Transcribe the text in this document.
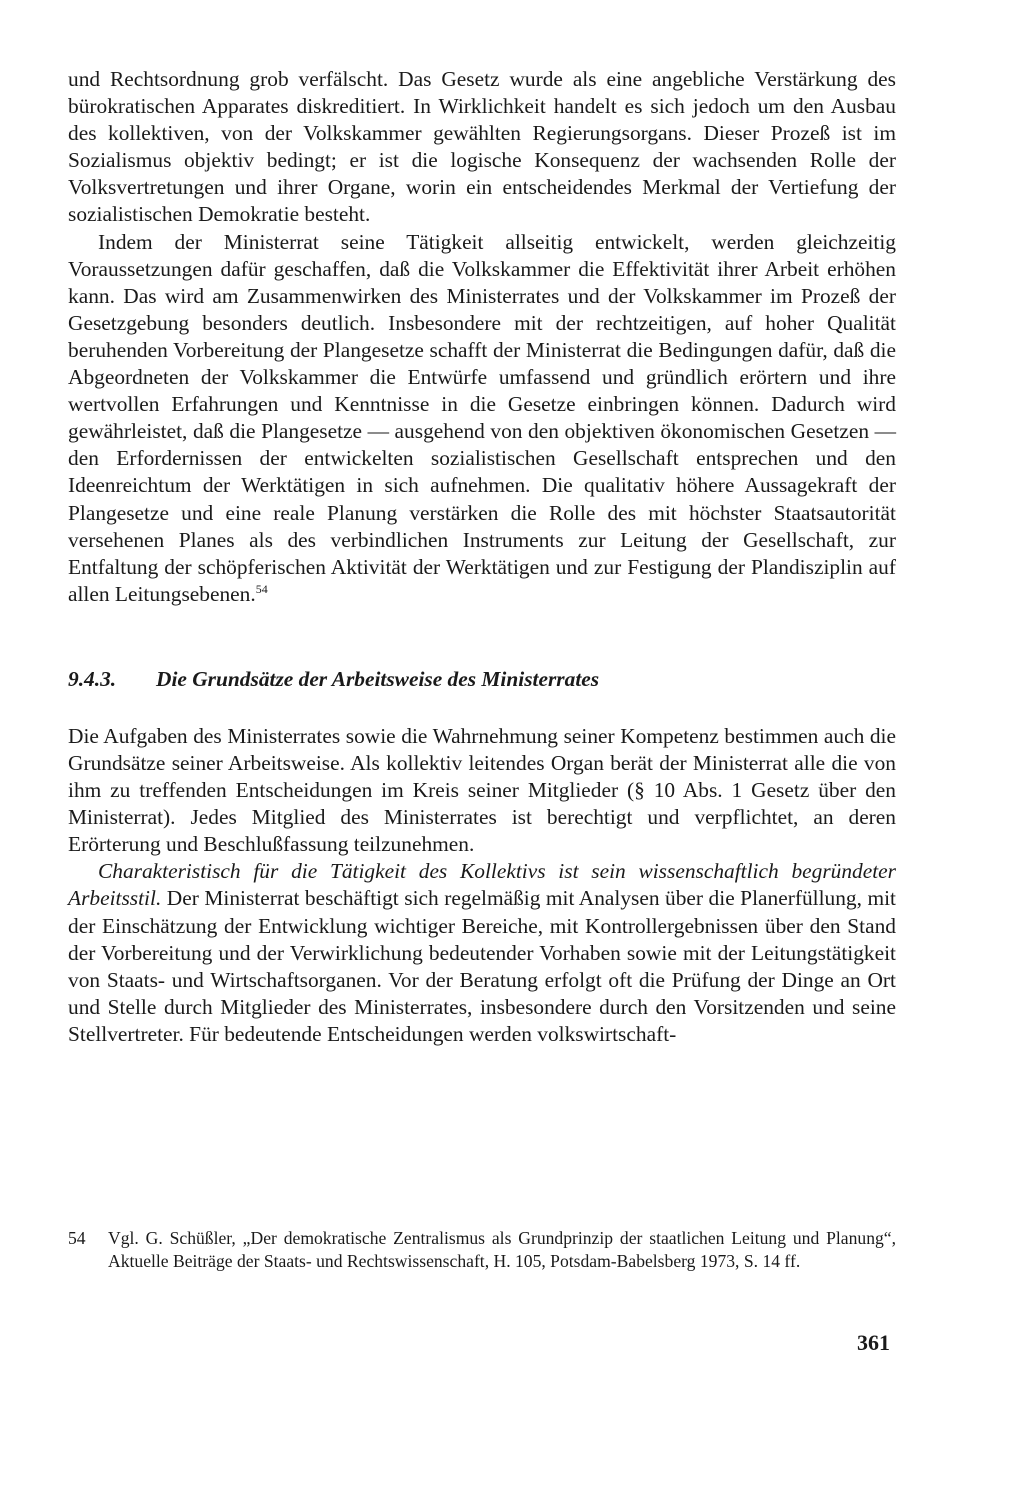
und Rechtsordnung grob verfälscht. Das Gesetz wurde als eine angebliche Verstärkung des bürokratischen Apparates diskreditiert. In Wirklichkeit handelt es sich jedoch um den Ausbau des kollektiven, von der Volkskammer gewählten Regierungsorgans. Dieser Prozeß ist im Sozialismus objektiv bedingt; er ist die logische Konsequenz der wachsenden Rolle der Volksvertretungen und ihrer Organe, worin ein entscheidendes Merkmal der Vertiefung der sozialistischen Demokratie besteht.

Indem der Ministerrat seine Tätigkeit allseitig entwickelt, werden gleichzeitig Voraussetzungen dafür geschaffen, daß die Volkskammer die Effektivität ihrer Arbeit erhöhen kann. Das wird am Zusammenwirken des Ministerrates und der Volkskammer im Prozeß der Gesetzgebung besonders deutlich. Insbesondere mit der rechtzeitigen, auf hoher Qualität beruhenden Vorbereitung der Plangesetze schafft der Ministerrat die Bedingungen dafür, daß die Abgeordneten der Volkskammer die Entwürfe umfassend und gründlich erörtern und ihre wertvollen Erfahrungen und Kenntnisse in die Gesetze einbringen können. Dadurch wird gewährleistet, daß die Plangesetze — ausgehend von den objektiven ökonomischen Gesetzen — den Erfordernissen der entwickelten sozialistischen Gesellschaft entsprechen und den Ideenreichtum der Werktätigen in sich aufnehmen. Die qualitativ höhere Aussagekraft der Plangesetze und eine reale Planung verstärken die Rolle des mit höchster Staatsautorität versehenen Planes als des verbindlichen Instruments zur Leitung der Gesellschaft, zur Entfaltung der schöpferischen Aktivität der Werktätigen und zur Festigung der Plandisziplin auf allen Leitungsebenen.$^{54}$

9.4.3.	Die Grundsätze der Arbeitsweise des Ministerrates

Die Aufgaben des Ministerrates sowie die Wahrnehmung seiner Kompetenz bestimmen auch die Grundsätze seiner Arbeitsweise. Als kollektiv leitendes Organ berät der Ministerrat alle die von ihm zu treffenden Entscheidungen im Kreis seiner Mitglieder (§ 10 Abs. 1 Gesetz über den Ministerrat). Jedes Mitglied des Ministerrates ist berechtigt und verpflichtet, an deren Erörterung und Beschlußfassung teilzunehmen.

Charakteristisch für die Tätigkeit des Kollektivs ist sein wissenschaftlich begründeter Arbeitsstil. Der Ministerrat beschäftigt sich regelmäßig mit Analysen über die Planerfüllung, mit der Einschätzung der Entwicklung wichtiger Bereiche, mit Kontrollergebnissen über den Stand der Vorbereitung und der Verwirklichung bedeutender Vorhaben sowie mit der Leitungstätigkeit von Staats- und Wirtschaftsorganen. Vor der Beratung erfolgt oft die Prüfung der Dinge an Ort und Stelle durch Mitglieder des Ministerrates, insbesondere durch den Vorsitzenden und seine Stellvertreter. Für bedeutende Entscheidungen werden volkswirtschaft-

54	Vgl. G. Schüßler, „Der demokratische Zentralismus als Grundprinzip der staatlichen Leitung und Planung“, Aktuelle Beiträge der Staats- und Rechtswissenschaft, H. 105, Potsdam-Babelsberg 1973, S. 14 ff.
361
